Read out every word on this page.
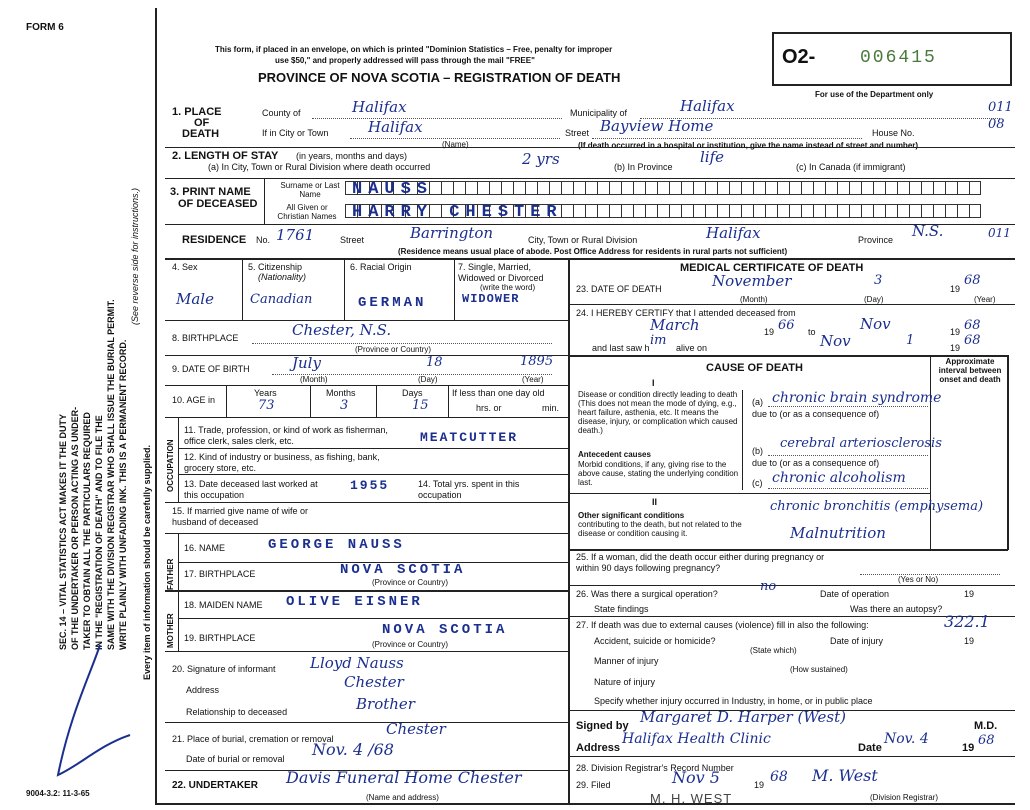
FORM 6
9004-3.2: 11-3-65
SEC. 14 – VITAL STATISTICS ACT MAKES IT THE DUTY OF THE UNDERTAKER OR PERSON ACTING AS UNDER- TAKER TO OBTAIN ALL THE PARTICULARS REQUIRED IN THE "REGISTRATION OF DEATH" AND TO FILE THE SAME WITH THE DIVISION REGISTRAR WHO SHALL ISSUE THE BURIAL PERMIT. WRITE PLAINLY WITH UNFADING INK. THIS IS A PERMANENT RECORD.
(See reverse side for instructions.)
Every item of information should be carefully supplied.
This form, if placed in an envelope, on which is printed "Dominion Statistics – Free, penalty for improper
use $50," and properly addressed will pass through the mail "FREE"
PROVINCE OF NOVA SCOTIA – REGISTRATION OF DEATH
O2- 006415
For use of the Department only
1. PLACE
OF
DEATH
County of	Halifax	Municipality of	Halifax	011
If in City or Town	Halifax
(Name)
Street Bayview Home	House No.
08
(If death occurred in a hospital or institution, give the name instead of street and number)
2. LENGTH OF STAY (in years, months and days)
(a) In City, Town or Rural Division where death occurred	2 yrs	(b) In Province
life
(c) In Canada (if immigrant)
3. PRINT NAME
OF DECEASED
Surname or Last Name
All Given or Christian Names
NAUSS
HARRY CHESTER
RESIDENCE No. 1761	Street	Barrington	City, Town or Rural Division	Halifax	Province N.S.	011
(Residence means usual place of abode. Post Office Address for residents in rural parts not sufficient)
4. Sex	5. Citizenship
(Nationality)
6. Racial Origin	7. Single, Married, Widowed or Divorced
(write the word)
Male	Canadian	GERMAN	WIDOWER
8. BIRTHPLACE	Chester, N.S.
(Province or Country)
9. DATE OF BIRTH	July	18	1895
(Month)	(Day)	(Year)
10. AGE in
Years	Months	Days	If less than one day old
hrs. or	min.
73	3	15
OCCUPATION
11. Trade, profession, or kind of work as fisherman, office clerk, sales clerk, etc.	MEATCUTTER
12. Kind of industry or business, as fishing, bank, grocery store, etc.
13. Date deceased last worked at this occupation
1955	14. Total yrs. spent in this occupation
15. If married give name of wife or husband of deceased
FATHER
16. NAME	GEORGE NAUSS
17. BIRTHPLACE	NOVA SCOTIA
(Province or Country)
MOTHER
18. MAIDEN NAME OLIVE EISNER
19. BIRTHPLACE	NOVA SCOTIA
(Province or Country)
20. Signature of informant Lloyd Nauss
Address	Chester
Relationship to deceased	Brother
21. Place of burial, cremation or removal
Chester
Date of burial or removal Nov. 4 /68
22. UNDERTAKER Davis Funeral Home Chester
(Name and address)
MEDICAL CERTIFICATE OF DEATH
23. DATE OF DEATH	November	3
19
68
(Month)	(Day)	(Year)
24. I HEREBY CERTIFY that I attended deceased from
March	19 66 to	Nov	19 68
and last saw h im alive on	Nov	1	19 68
CAUSE OF DEATH
Approximate interval between onset and death
I
Disease or condition directly leading to death (This does not mean the mode of dying, e.g., heart failure, asthenia, etc. It means the disease, injury, or complication which caused death.)
(a) chronic brain syndrome
due to (or as a consequence of)
cerebral arteriosclerosis
(b)
Antecedent causes
Morbid conditions, if any, giving rise to the above cause, stating the underlying condition last.
due to (or as a consequence of)
(c) chronic alcoholism
II
Other significant conditions
contributing to the death, but not related to the disease or condition causing it.
chronic bronchitis (emphysema)
Malnutrition
25. If a woman, did the death occur either during pregnancy or within 90 days following pregnancy?
(Yes or No)
26. Was there a surgical operation?	no	Date of operation	19
State findings	Was there an autopsy?
27. If death was due to external causes (violence) fill in also the following:	322.1
Accident, suicide or homicide?
(State which)
Date of injury	19
Manner of injury
(How sustained)
Nature of injury
Specify whether injury occurred in Industry, in home, or in public place
Signed by Margaret D. Harper (West)	M.D.
Address
Halifax Health Clinic
Date
Nov. 4
19 68
28. Division Registrar's Record Number
29. Filed	Nov 5	19 68 M. West
(Division Registrar)
M. H. WEST
